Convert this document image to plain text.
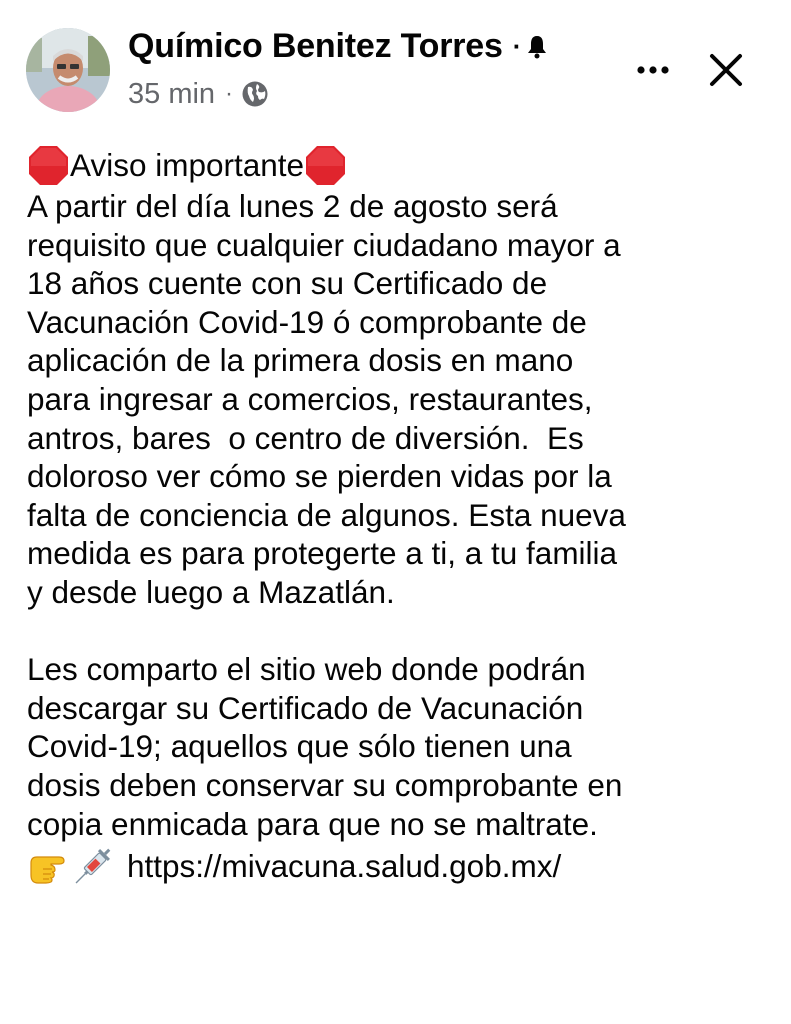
Químico Benitez Torres ·
35 min ·
Aviso importante

A partir del día lunes 2 de agosto será

requisito que cualquier ciudadano mayor a

18 años cuente con su Certificado de

Vacunación Covid-19 ó comprobante de

aplicación de la primera dosis en mano

para ingresar a comercios, restaurantes,

antros, bares  o centro de diversión.  Es

doloroso ver cómo se pierden vidas por la

falta de conciencia de algunos. Esta nueva

medida es para protegerte a ti, a tu familia

y desde luego a Mazatlán.

Les comparto el sitio web donde podrán

descargar su Certificado de Vacunación

Covid-19; aquellos que sólo tienen una

dosis deben conservar su comprobante en

copia enmicada para que no se maltrate.

https://mivacuna.salud.gob.mx/
